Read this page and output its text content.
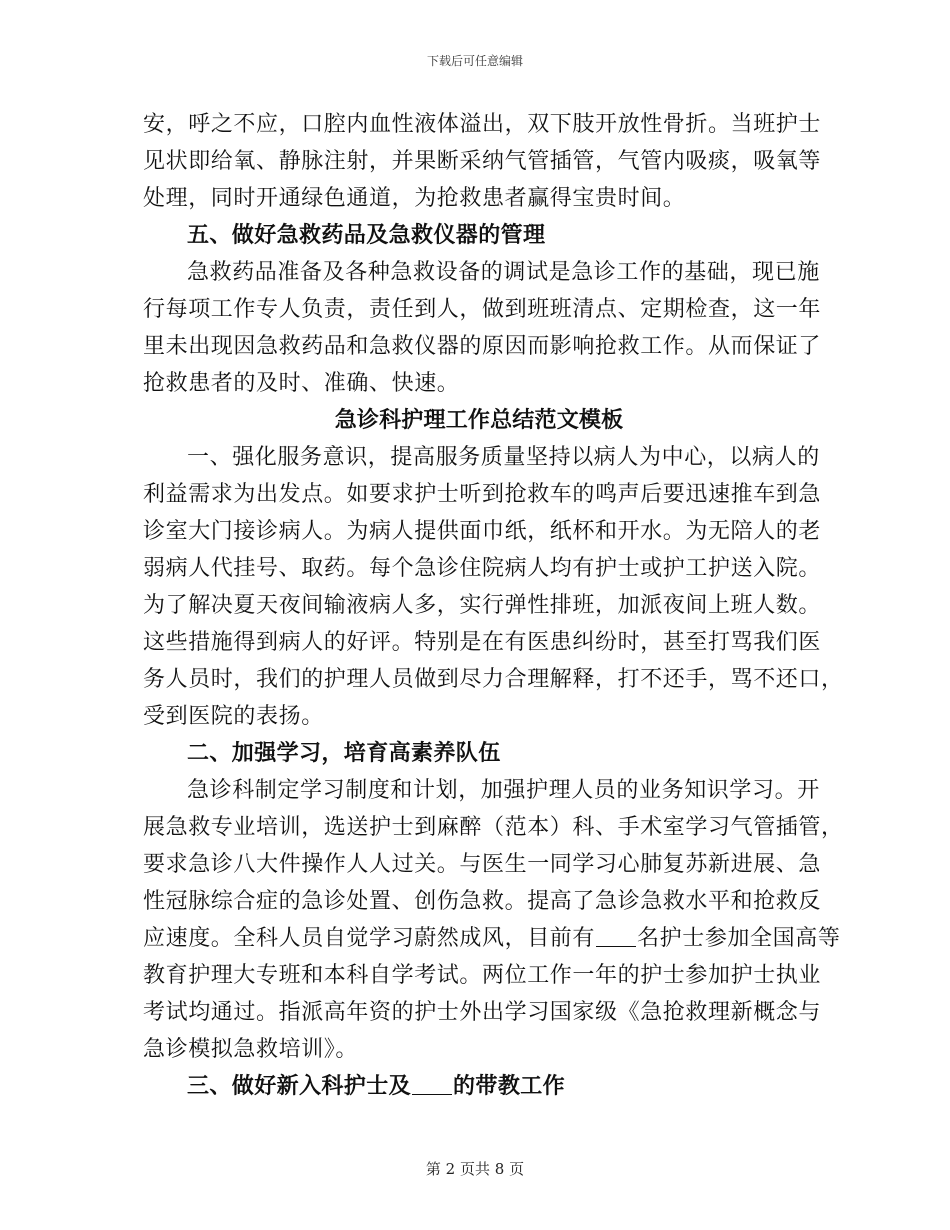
下载后可任意编辑
安，呼之不应，口腔内血性液体溢出，双下肢开放性骨折。当班护士
见状即给氧、静脉注射，并果断采纳气管插管，气管内吸痰，吸氧等
处理，同时开通绿色通道，为抢救患者赢得宝贵时间。
五、做好急救药品及急救仪器的管理
急救药品准备及各种急救设备的调试是急诊工作的基础，现已施
行每项工作专人负责，责任到人，做到班班清点、定期检查，这一年
里未出现因急救药品和急救仪器的原因而影响抢救工作。从而保证了
抢救患者的及时、准确、快速。
急诊科护理工作总结范文模板
一、强化服务意识，提高服务质量坚持以病人为中心，以病人的
利益需求为出发点。如要求护士听到抢救车的鸣声后要迅速推车到急
诊室大门接诊病人。为病人提供面巾纸，纸杯和开水。为无陪人的老
弱病人代挂号、取药。每个急诊住院病人均有护士或护工护送入院。
为了解决夏天夜间输液病人多，实行弹性排班，加派夜间上班人数。
这些措施得到病人的好评。特别是在有医患纠纷时，甚至打骂我们医
务人员时，我们的护理人员做到尽力合理解释，打不还手，骂不还口，
受到医院的表扬。
二、加强学习，培育高素养队伍
急诊科制定学习制度和计划，加强护理人员的业务知识学习。开
展急救专业培训，选送护士到麻醉（范本）科、手术室学习气管插管，
要求急诊八大件操作人人过关。与医生一同学习心肺复苏新进展、急
性冠脉综合症的急诊处置、创伤急救。提高了急诊急救水平和抢救反
应速度。全科人员自觉学习蔚然成风，目前有 名护士参加全国高等
教育护理大专班和本科自学考试。两位工作一年的护士参加护士执业
考试均通过。指派高年资的护士外出学习国家级《急抢救理新概念与
急诊模拟急救培训》。
三、做好新入科护士及 的带教工作
第 2 页共 8 页
